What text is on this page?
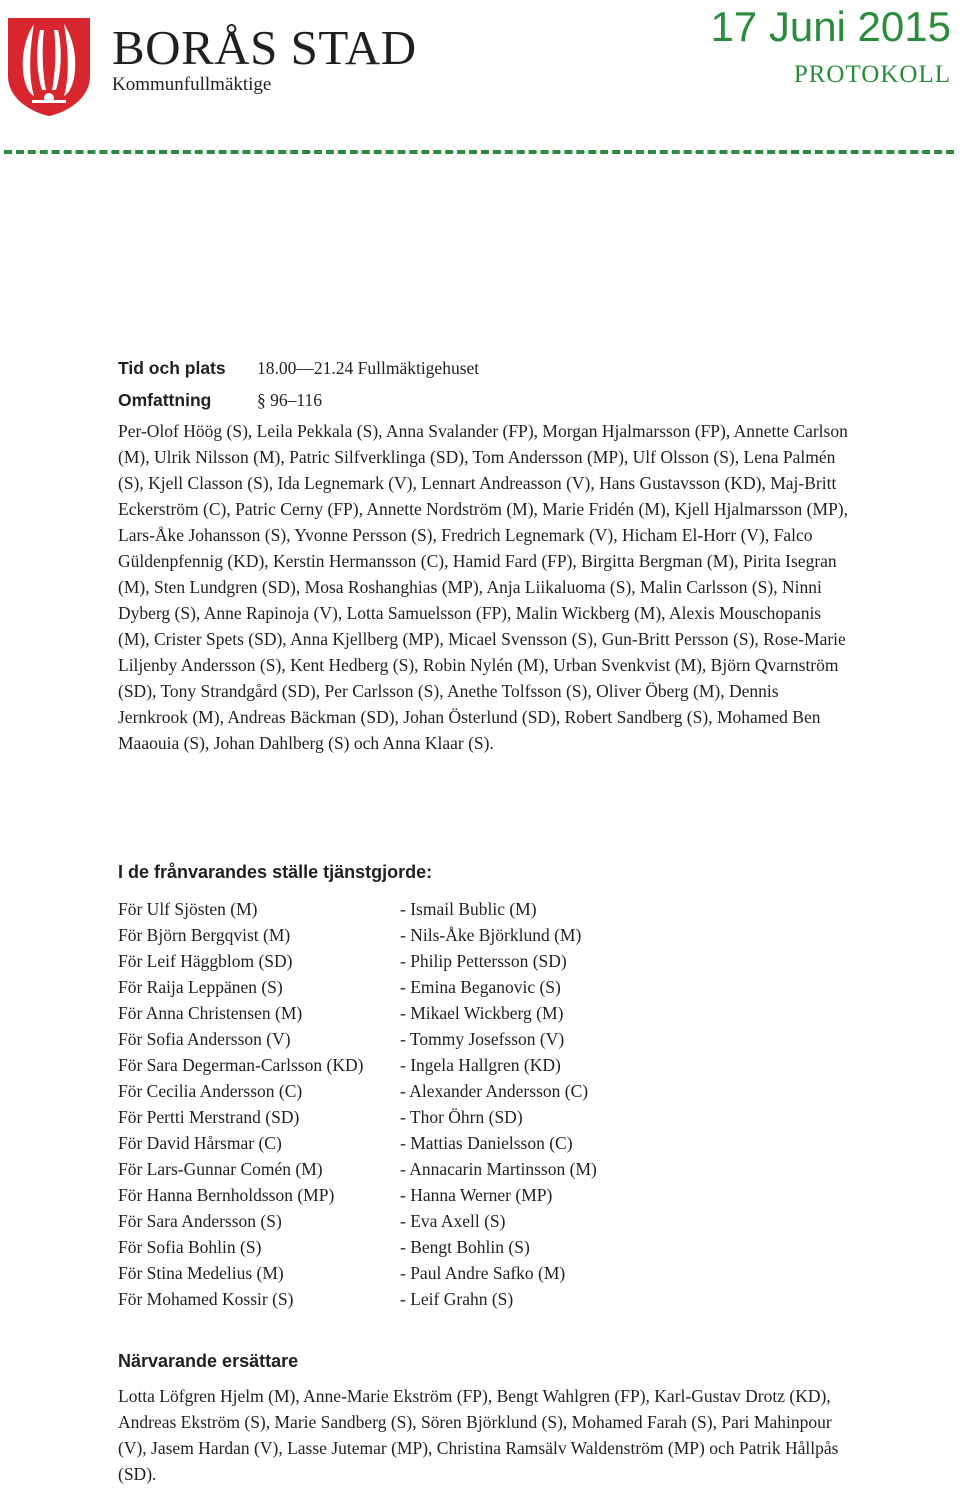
BORÅS STAD
Kommunfullmäktige
17 Juni 2015
PROTOKOLL
Tid och plats 18.00—21.24 Fullmäktigehuset
Omfattning	§ 96–116

Per-Olof Höög (S), Leila Pekkala (S), Anna Svalander (FP), Morgan Hjalmarsson (FP), Annette Carlson (M), Ulrik Nilsson (M), Patric Silfverklinga (SD), Tom Andersson (MP), Ulf Olsson (S), Lena Palmén (S), Kjell Classon (S), Ida Legnemark (V), Lennart Andreasson (V), Hans Gustavsson (KD), Maj-Britt Eckerström (C), Patric Cerny (FP), Annette Nordström (M), Marie Fridén (M), Kjell Hjalmarsson (MP), Lars-Åke Johansson (S), Yvonne Persson (S), Fredrich Legnemark (V), Hicham El-Horr (V), Falco Güldenpfennig (KD), Kerstin Hermansson (C), Hamid Fard (FP), Birgitta Bergman (M), Pirita Isegran (M), Sten Lundgren (SD), Mosa Roshanghias (MP), Anja Liikaluoma (S), Malin Carlsson (S), Ninni Dyberg (S), Anne Rapinoja (V), Lotta Samuelsson (FP), Malin Wickberg (M), Alexis Mouschopanis (M), Crister Spets (SD), Anna Kjellberg (MP), Micael Svensson (S), Gun-Britt Persson (S), Rose-Marie Liljenby Andersson (S), Kent Hedberg (S), Robin Nylén (M), Urban Svenkvist (M), Björn Qvarnström (SD), Tony Strandgård (SD), Per Carlsson (S), Anethe Tolfsson (S), Oliver Öberg (M), Dennis Jernkrook (M), Andreas Bäckman (SD), Johan Österlund (SD), Robert Sandberg (S), Mohamed Ben Maaouia (S), Johan Dahlberg (S) och Anna Klaar (S).

I de frånvarandes ställe tjänstgjorde:
För Ulf Sjösten (M)	- Ismail Bublic (M)
För Björn Bergqvist (M)	- Nils-Åke Björklund (M)
För Leif Häggblom (SD)	- Philip Pettersson (SD)
För Raija Leppänen (S)	- Emina Beganovic (S)
För Anna Christensen (M)	- Mikael Wickberg (M)
För Sofia Andersson (V)	- Tommy Josefsson (V)
För Sara Degerman-Carlsson (KD) - Ingela Hallgren (KD)
För Cecilia Andersson (C)	- Alexander Andersson (C)
För Pertti Merstrand (SD)	- Thor Öhrn (SD)
För David Hårsmar (C)	- Mattias Danielsson (C)
För Lars-Gunnar Comén (M)	- Annacarin Martinsson (M)
För Hanna Bernholdsson (MP)	- Hanna Werner (MP)
För Sara Andersson (S)	- Eva Axell (S)
För Sofia Bohlin (S)	- Bengt Bohlin (S)
För Stina Medelius (M)	- Paul Andre Safko (M)
För Mohamed Kossir (S)	- Leif Grahn (S)
Närvarande ersättare

Lotta Löfgren Hjelm (M), Anne-Marie Ekström (FP), Bengt Wahlgren (FP), Karl-Gustav Drotz (KD), Andreas Ekström (S), Marie Sandberg (S), Sören Björklund (S), Mohamed Farah (S), Pari Mahinpour (V), Jasem Hardan (V), Lasse Jutemar (MP), Christina Ramsälv Waldenström (MP) och Patrik Hållpås (SD).
